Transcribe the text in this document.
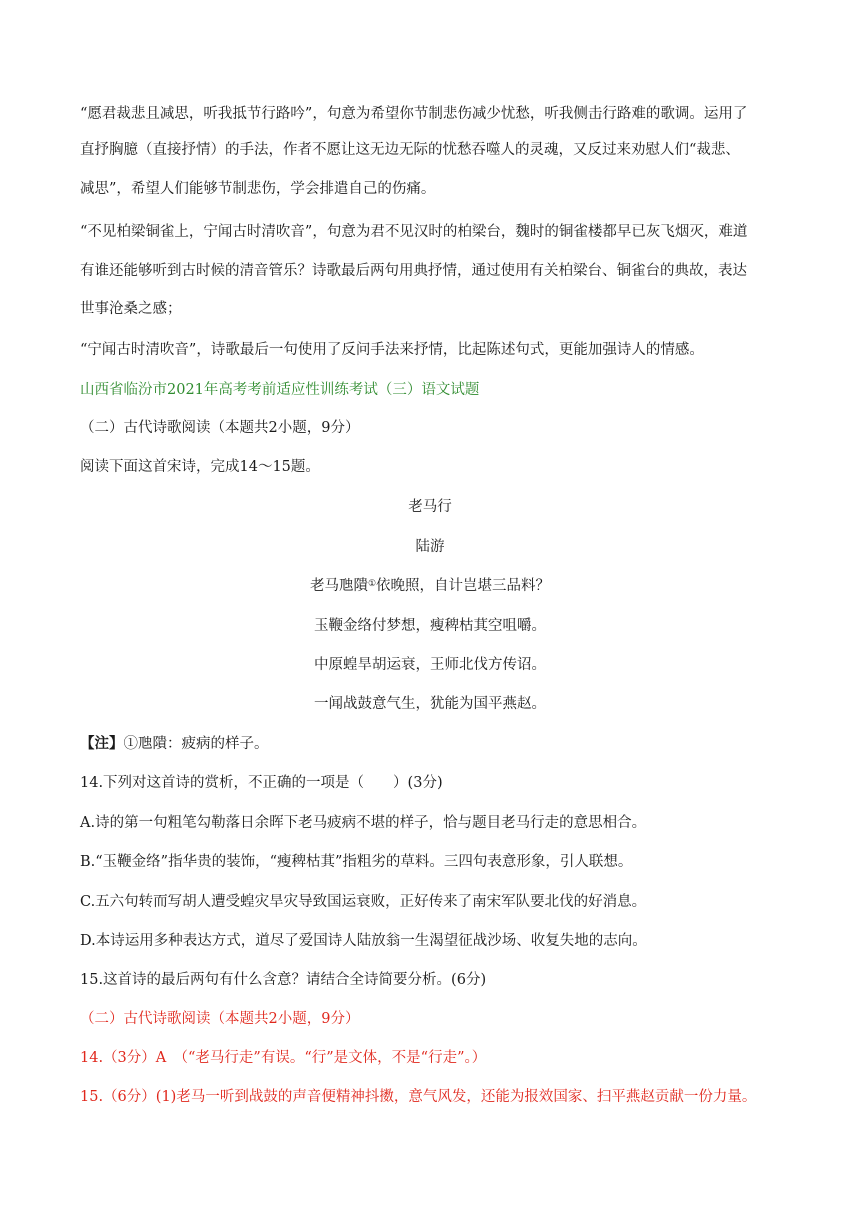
“愿君裁悲且减思，听我抵节行路吟”，句意为希望你节制悲伤减少忧愁，听我侧击行路难的歌调。运用了
直抒胸臆（直接抒情）的手法，作者不愿让这无边无际的忧愁吞噬人的灵魂，又反过来劝慰人们“裁悲、
减思”，希望人们能够节制悲伤，学会排遣自己的伤痛。
“不见柏梁铜雀上，宁闻古时清吹音”，句意为君不见汉时的柏梁台，魏时的铜雀楼都早已灰飞烟灭，难道
有谁还能够听到古时候的清音管乐？诗歌最后两句用典抒情，通过使用有关柏梁台、铜雀台的典故，表达
世事沧桑之感；
“宁闻古时清吹音”，诗歌最后一句使用了反问手法来抒情，比起陈述句式，更能加强诗人的情感。
山西省临汾市2021年高考考前适应性训练考试（三）语文试题
（二）古代诗歌阅读（本题共2小题，9分）
阅读下面这首宋诗，完成14～15题。
老马行
陆游
老马虺隤①依晚照，自计岂堪三品料？
玉鞭金络付梦想，瘦稗枯萁空咀嚼。
中原蝗旱胡运衰，王师北伐方传诏。
一闻战鼓意气生，犹能为国平燕赵。
【注】①虺隤：疲病的样子。
14.下列对这首诗的赏析，不正确的一项是（　　）(3分)
A.诗的第一句粗笔勾勒落日余晖下老马疲病不堪的样子，恰与题目老马行走的意思相合。
B.“玉鞭金络”指华贵的装饰，“瘦稗枯萁”指粗劣的草料。三四句表意形象，引人联想。
C.五六句转而写胡人遭受蝗灾旱灾导致国运衰败，正好传来了南宋军队要北伐的好消息。
D.本诗运用多种表达方式，道尽了爱国诗人陆放翁一生渴望征战沙场、收复失地的志向。
15.这首诗的最后两句有什么含意？请结合全诗简要分析。(6分)
（二）古代诗歌阅读（本题共2小题，9分）
14.（3分）A　（“老马行走”有误。“行”是文体，不是“行走”。）
15.（6分）(1)老马一听到战鼓的声音便精神抖擞，意气风发，还能为报效国家、扫平燕赵贡献一份力量。
